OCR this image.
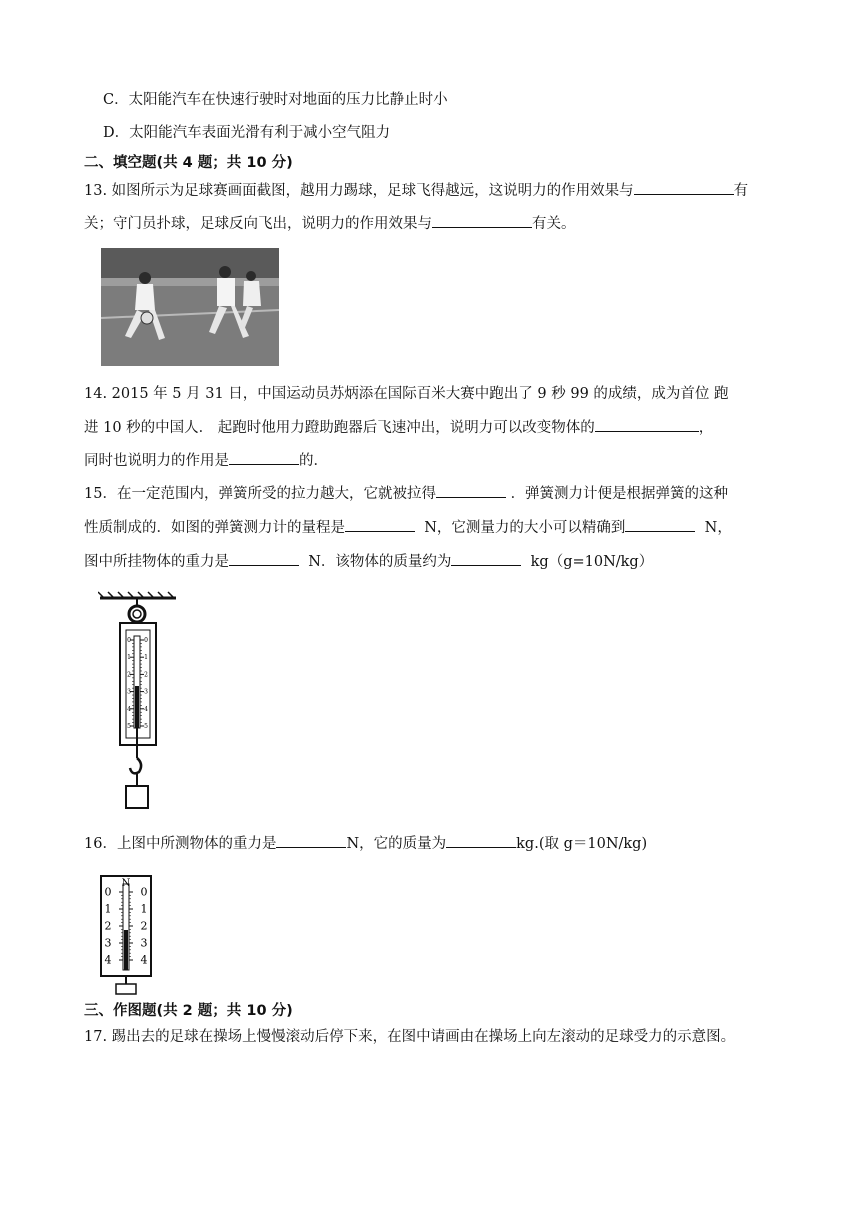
C．太阳能汽车在快速行驶时对地面的压力比静止时小
D．太阳能汽车表面光滑有利于减小空气阻力
二、填空题(共 4 题；共 10 分)
13. 如图所示为足球赛画面截图，越用力踢球，足球飞得越远，这说明力的作用效果与	有
关；守门员扑球，足球反向飞出，说明力的作用效果与	有关。
14. 2015 年 5 月 31 日，中国运动员苏炳添在国际百米大赛中跑出了 9 秒 99 的成绩，成为首位 跑
进 10 秒的中国人． 起跑时他用力蹬助跑器后飞速冲出，说明力可以改变物体的	，
同时也说明力的作用是	的．
15．在一定范围内，弹簧所受的拉力越大，它就被拉得	．弹簧测力计便是根据弹簧的这种
性质制成的．如图的弹簧测力计的量程是	N，它测量力的大小可以精确到	N，
图中所挂物体的重力是	N．该物体的质量约为	kg（g=10N/kg）
0 0
1 1
2 2
3 3
4 4
5 5
16．上图中所测物体的重力是	N，它的质量为	kg.(取 g＝10N/kg)
N
0	0
1	1
2	2
3	3
4	4
三、作图题(共 2 题；共 10 分)
17. 踢出去的足球在操场上慢慢滚动后停下来，在图中请画由在操场上向左滚动的足球受力的示意图。
